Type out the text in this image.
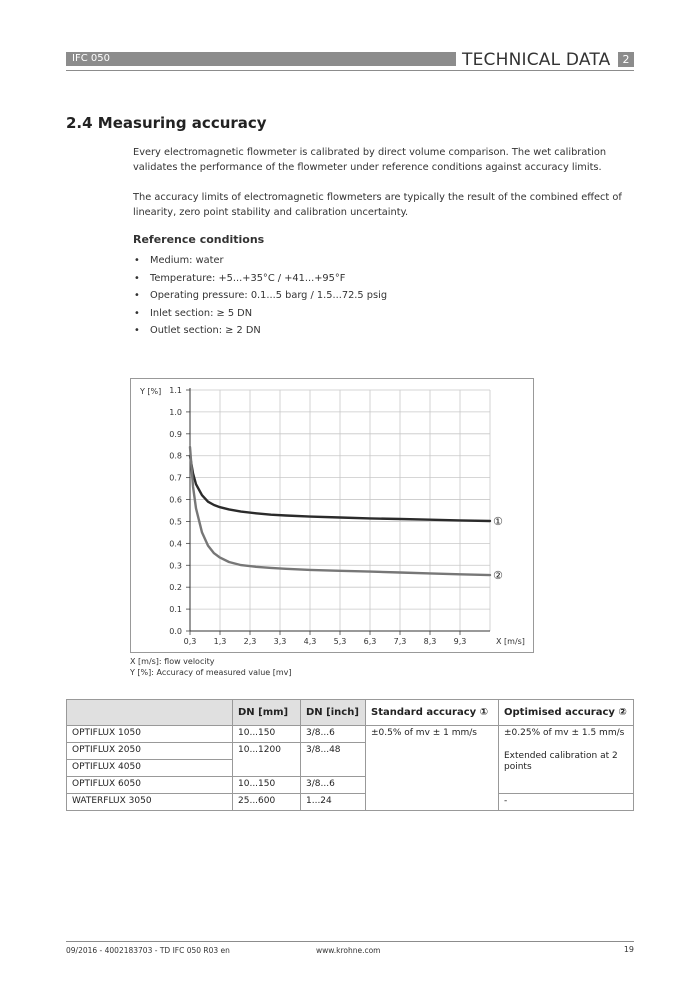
IFC 050	TECHNICAL DATA	2
2.4 Measuring accuracy
Every electromagnetic flowmeter is calibrated by direct volume comparison. The wet calibration validates the performance of the flowmeter under reference conditions against accuracy limits.
The accuracy limits of electromagnetic flowmeters are typically the result of the combined effect of linearity, zero point stability and calibration uncertainty.
Reference conditions
• Medium: water
• Temperature: +5...+35°C / +41...+95°F
• Operating pressure: 0.1...5 barg / 1.5...72.5 psig
• Inlet section: ≥ 5 DN
• Outlet section: ≥ 2 DN
0.0
0.1
0.2
0.3
0.4
0.5
0.6
0.7
0.8
0.9
1.0
1.1
0,3 1,3 2,3 3,3 4,3 5,3 6,3 7,3 8,3 9,3
Y [%]
X [m/s]
①
②
X [m/s]: flow velocity
Y [%]: Accuracy of measured value [mv]
	DN [mm]	DN [inch]	Standard accuracy ①	Optimised accuracy ②
OPTIFLUX 1050	10...150	3/8...6	±0.5% of mv ± 1 mm/s	±0.25% of mv ± 1.5 mm/s
OPTIFLUX 2050	10...1200	3/8...48		Extended calibration at 2 points
OPTIFLUX 4050				
OPTIFLUX 6050	10...150	3/8...6		
WATERFLUX 3050	25...600	1...24		-
09/2016 - 4002183703 - TD IFC 050 R03 en	www.krohne.com	19
